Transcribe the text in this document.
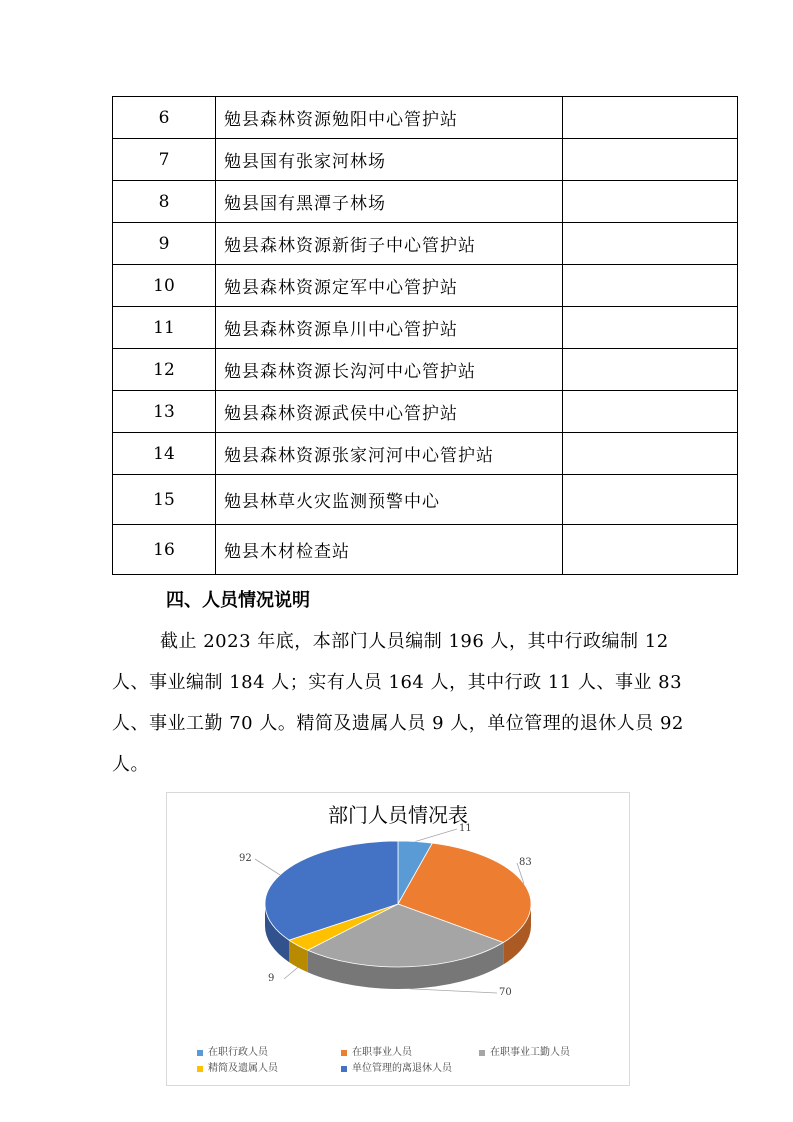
6	勉县森林资源勉阳中心管护站	
7	勉县国有张家河林场	
8	勉县国有黑潭子林场	
9	勉县森林资源新街子中心管护站	
10	勉县森林资源定军中心管护站	
11	勉县森林资源阜川中心管护站	
12	勉县森林资源长沟河中心管护站	
13	勉县森林资源武侯中心管护站	
14	勉县森林资源张家河河中心管护站	
15	勉县林草火灾监测预警中心	
16	勉县木材检查站	
四、人员情况说明
截止 2023 年底，本部门人员编制 196 人，其中行政编制 12 人、事业编制 184 人；实有人员 164 人，其中行政 11 人、事业 83 人、事业工勤 70 人。精简及遗属人员 9 人，单位管理的退休人员 92 人。
部门人员情况表
11
83
70
9
92
在职行政人员	在职事业人员	在职事业工勤人员
精简及遗属人员	单位管理的离退休人员
